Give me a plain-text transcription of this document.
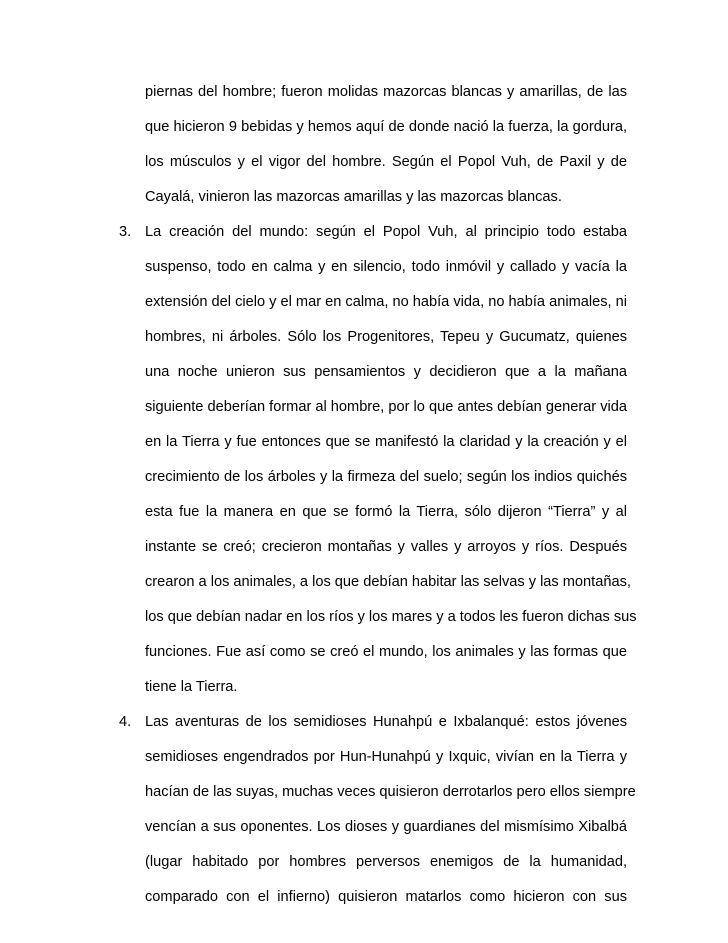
piernas del hombre; fueron molidas mazorcas blancas y amarillas, de las
que hicieron 9 bebidas y hemos aquí de donde nació la fuerza, la gordura,
los músculos y el vigor del hombre. Según el Popol Vuh, de Paxil y de
Cayalá, vinieron las mazorcas amarillas y las mazorcas blancas.
3. La creación del mundo: según el Popol Vuh, al principio todo estaba
suspenso, todo en calma y en silencio, todo inmóvil y callado y vacía la
extensión del cielo y el mar en calma, no había vida, no había animales, ni
hombres, ni árboles. Sólo los Progenitores, Tepeu y Gucumatz, quienes
una noche unieron sus pensamientos y decidieron que a la mañana
siguiente deberían formar al hombre, por lo que antes debían generar vida
en la Tierra y fue entonces que se manifestó la claridad y la creación y el
crecimiento de los árboles y la firmeza del suelo; según los indios quichés
esta fue la manera en que se formó la Tierra, sólo dijeron “Tierra” y al
instante se creó; crecieron montañas y valles y arroyos y ríos. Después
crearon a los animales, a los que debían habitar las selvas y las montañas,
los que debían nadar en los ríos y los mares y a todos les fueron dichas sus
funciones. Fue así como se creó el mundo, los animales y las formas que
tiene la Tierra.
4. Las aventuras de los semidioses Hunahpú e Ixbalanqué: estos jóvenes
semidioses engendrados por Hun-Hunahpú y Ixquic, vivían en la Tierra y
hacían de las suyas, muchas veces quisieron derrotarlos pero ellos siempre
vencían a sus oponentes. Los dioses y guardianes del mismísimo Xibalbá
(lugar habitado por hombres perversos enemigos de la humanidad,
comparado con el infierno) quisieron matarlos como hicieron con sus
